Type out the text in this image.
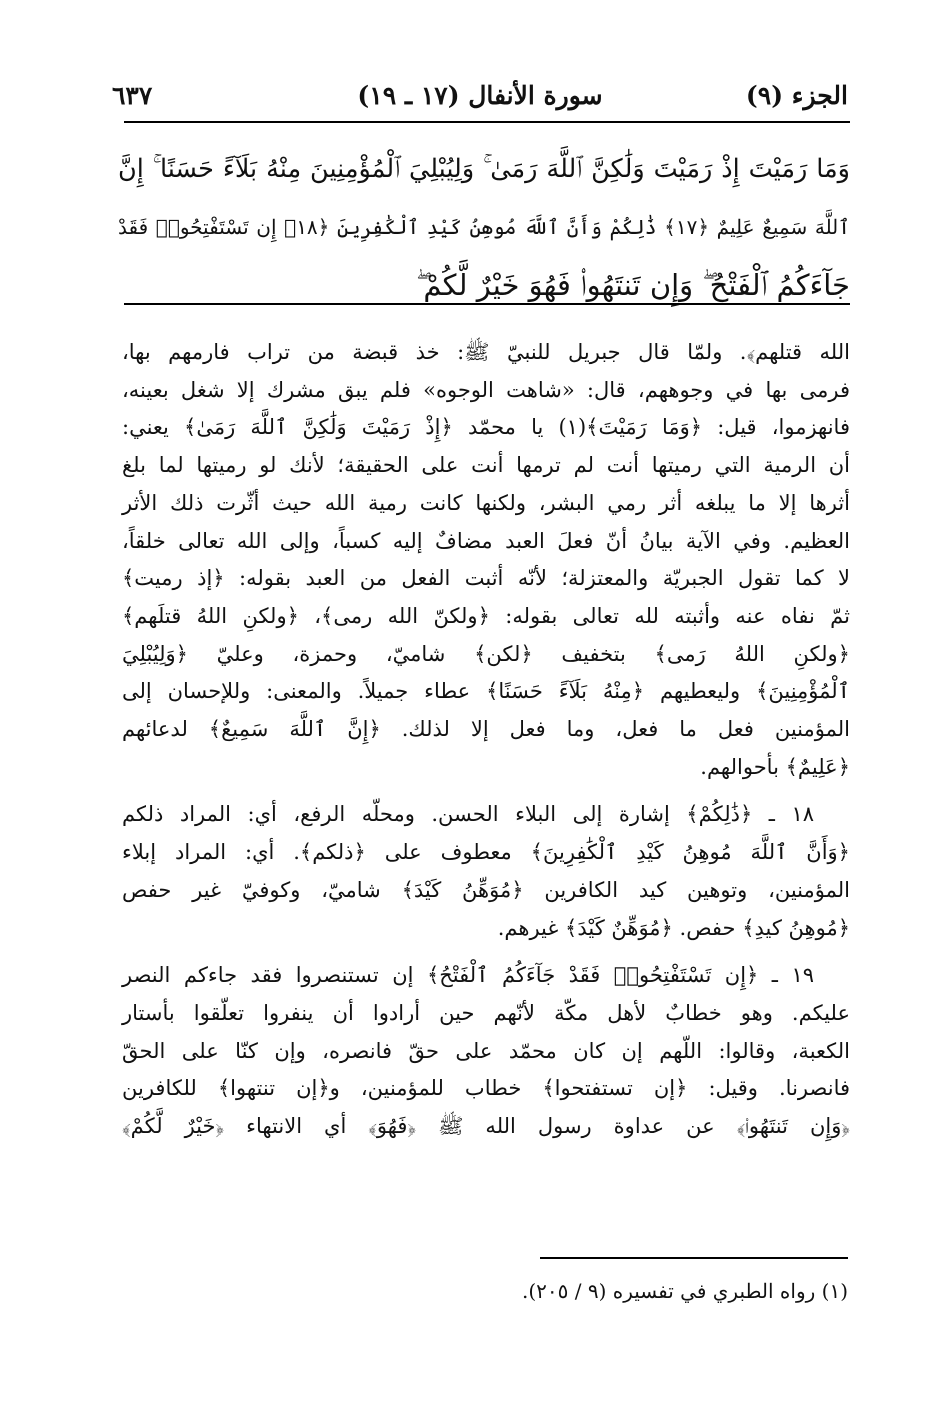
الجزء (٩)
سورة الأنفال (١٧ ـ ١٩)
٦٣٧
وَمَا رَمَيْتَ إِذْ رَمَيْتَ وَلَٰكِنَّ ٱللَّهَ رَمَىٰ ۚ وَلِيُبْلِيَ ٱلْمُؤْمِنِينَ مِنْهُ بَلَآءً حَسَنًا ۚ إِنَّ
ٱللَّهَ سَمِيعٌ عَلِيمٌ ﴿١٧﴾ ذَٰلِكُمْ وَأَنَّ ٱللَّهَ مُوهِنُ كَيْدِ ٱلْكَٰفِرِينَ ﴿١٨﴾ إِن تَسْتَفْتِحُوا۟ فَقَدْ
جَآءَكُمُ ٱلْفَتْحُ ۖ وَإِن تَنتَهُوا۟ فَهُوَ خَيْرٌ لَّكُمْ ۖ
الله قتلهم﴾. ولمّا قال جبريل للنبيّ ﷺ: خذ قبضة من تراب فارمهم بها،
فرمى بها في وجوههم، قال: «شاهت الوجوه» فلم يبق مشرك إلا شغل بعينه،
فانهزموا، قيل: ﴿وَمَا رَمَيْتَ﴾(١) يا محمّد ﴿إِذْ رَمَيْتَ وَلَٰكِنَّ ٱللَّهَ رَمَىٰ﴾ يعني:
أن الرمية التي رميتها أنت لم ترمها أنت على الحقيقة؛ لأنك لو رميتها لما بلغ
أثرها إلا ما يبلغه أثر رمي البشر، ولكنها كانت رمية الله حيث أثّرت ذلك الأثر
العظيم. وفي الآية بيانُ أنّ فعلَ العبد مضافٌ إليه كسباً، وإلى الله تعالى خلقاً،
لا كما تقول الجبريّة والمعتزلة؛ لأنّه أثبت الفعل من العبد بقوله: ﴿إذ رميت﴾
ثمّ نفاه عنه وأثبته لله تعالى بقوله: ﴿ولكنّ الله رمى﴾، ﴿ولكنِ اللهُ قتلَهم﴾
﴿ولكنِ اللهُ رَمى﴾ بتخفيف ﴿لكن﴾ شاميّ، وحمزة، وعليّ ﴿وَلِيُبْلِيَ
ٱلْمُؤْمِنِينَ﴾ وليعطيهم ﴿مِنْهُ بَلَآءً حَسَنًا﴾ عطاء جميلاً. والمعنى: وللإحسان إلى
المؤمنين فعل ما فعل، وما فعل إلا لذلك. ﴿إِنَّ ٱللَّهَ سَمِيعٌ﴾ لدعائهم
﴿عَلِيمٌ﴾ بأحوالهم.
١٨ ـ ﴿ذَٰلِكُمْ﴾ إشارة إلى البلاء الحسن. ومحلّه الرفع، أي: المراد ذلكم
﴿وَأَنَّ ٱللَّهَ مُوهِنُ كَيْدِ ٱلْكَٰفِرِينَ﴾ معطوف على ﴿ذلكم﴾. أي: المراد إبلاء
المؤمنين، وتوهين كيد الكافرين ﴿مُوَهِّنُ كَيْدَ﴾ شاميّ، وكوفيّ غير حفص
﴿مُوهِنُ كيدِ﴾ حفص. ﴿مُوَهِّنٌ كَيْدَ﴾ غيرهم.
١٩ ـ ﴿إِن تَسْتَفْتِحُوا۟ فَقَدْ جَآءَكُمُ ٱلْفَتْحُ﴾ إن تستنصروا فقد جاءكم النصر
عليكم. وهو خطابٌ لأهل مكّة لأنّهم حين أرادوا أن ينفروا تعلّقوا بأستار
الكعبة، وقالوا: اللّهم إن كان محمّد على حقّ فانصره، وإن كنّا على الحقّ
فانصرنا. وقيل: ﴿إن تستفتحوا﴾ خطاب للمؤمنين، و﴿إن تنتهوا﴾ للكافرين
﴿وَإِن تَنتَهُوا۟﴾ عن عداوة رسول الله ﷺ ﴿فَهُوَ﴾ أي الانتهاء ﴿خَيْرٌ لَّكُمْ﴾
(١) رواه الطبري في تفسيره (٩ / ٢٠٥).
